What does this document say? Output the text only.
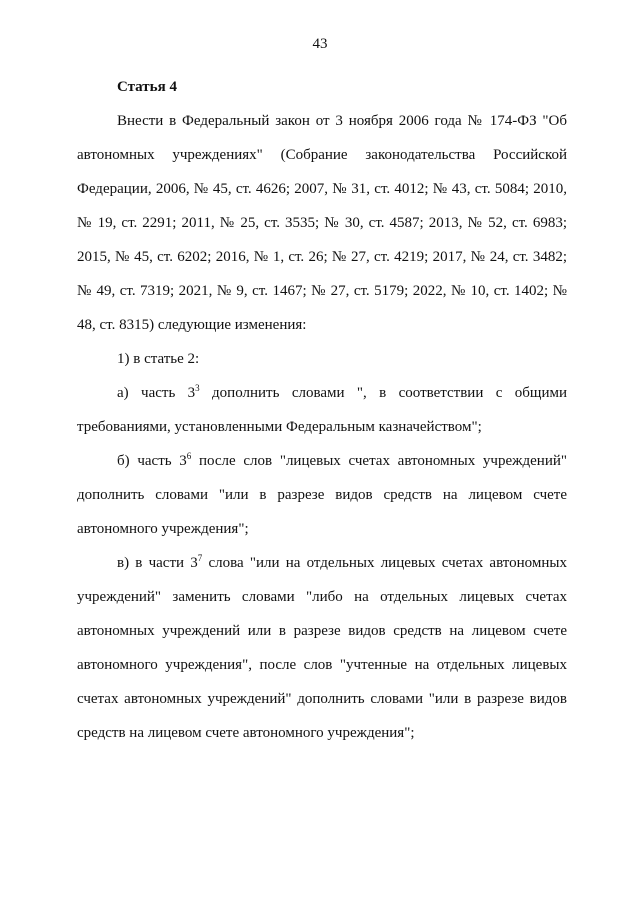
43

Статья 4

Внести в Федеральный закон от 3 ноября 2006 года № 174-ФЗ "Об автономных учреждениях" (Собрание законодательства Российской Федерации, 2006, № 45, ст. 4626; 2007, № 31, ст. 4012; № 43, ст. 5084; 2010, № 19, ст. 2291; 2011, № 25, ст. 3535; № 30, ст. 4587; 2013, № 52, ст. 6983; 2015, № 45, ст. 6202; 2016, № 1, ст. 26; № 27, ст. 4219; 2017, № 24, ст. 3482; № 49, ст. 7319; 2021, № 9, ст. 1467; № 27, ст. 5179; 2022, № 10, ст. 1402; № 48, ст. 8315) следующие изменения:

1) в статье 2:

а) часть $3^3$ дополнить словами ", в соответствии с общими требованиями, установленными Федеральным казначейством";

б) часть $3^6$ после слов "лицевых счетах автономных учреждений" дополнить словами "или в разрезе видов средств на лицевом счете автономного учреждения";

в) в части $3^7$ слова "или на отдельных лицевых счетах автономных учреждений" заменить словами "либо на отдельных лицевых счетах автономных учреждений или в разрезе видов средств на лицевом счете автономного учреждения", после слов "учтенные на отдельных лицевых счетах автономных учреждений" дополнить словами "или в разрезе видов средств на лицевом счете автономного учреждения";
